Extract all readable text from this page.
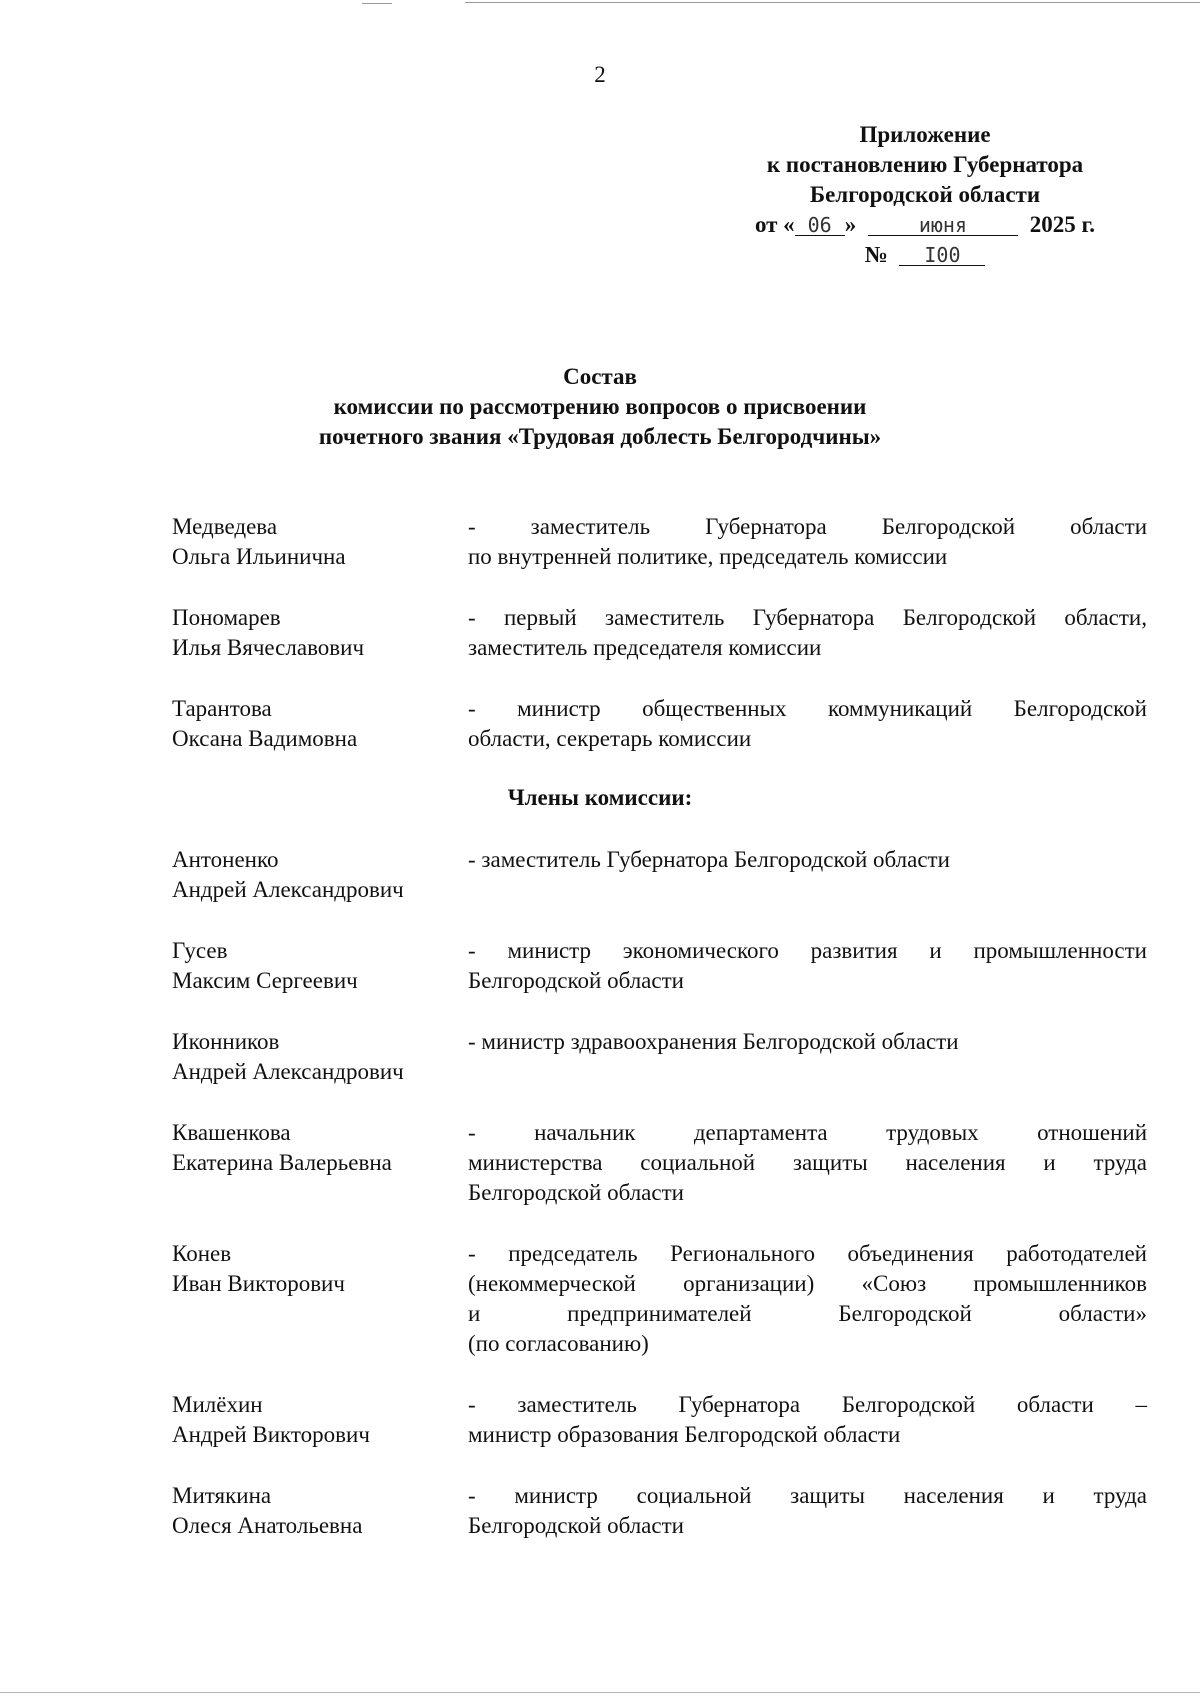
2
Приложение
к постановлению Губернатора
Белгородской области
от « 06 »	июня	2025 г.
№ I00
Состав
комиссии по рассмотрению вопросов о присвоении
почетного звания «Трудовая доблесть Белгородчины»
Медведева
Ольга Ильинична
- заместитель Губернатора Белгородской области
по внутренней политике, председатель комиссии
Пономарев
Илья Вячеславович
- первый заместитель Губернатора Белгородской области,
заместитель председателя комиссии
Тарантова
Оксана Вадимовна
- министр общественных коммуникаций Белгородской
области, секретарь комиссии
Члены комиссии:
Антоненко
Андрей Александрович
- заместитель Губернатора Белгородской области
Гусев
Максим Сергеевич
- министр экономического развития и промышленности
Белгородской области
Иконников
Андрей Александрович
- министр здравоохранения Белгородской области
Квашенкова
Екатерина Валерьевна
- начальник департамента трудовых отношений
министерства социальной защиты населения и труда
Белгородской области
Конев
Иван Викторович
- председатель Регионального объединения работодателей
(некоммерческой организации) «Союз промышленников
и предпринимателей Белгородской области»
(по согласованию)
Милёхин
Андрей Викторович
- заместитель Губернатора Белгородской области –
министр образования Белгородской области
Митякина
Олеся Анатольевна
- министр социальной защиты населения и труда
Белгородской области
